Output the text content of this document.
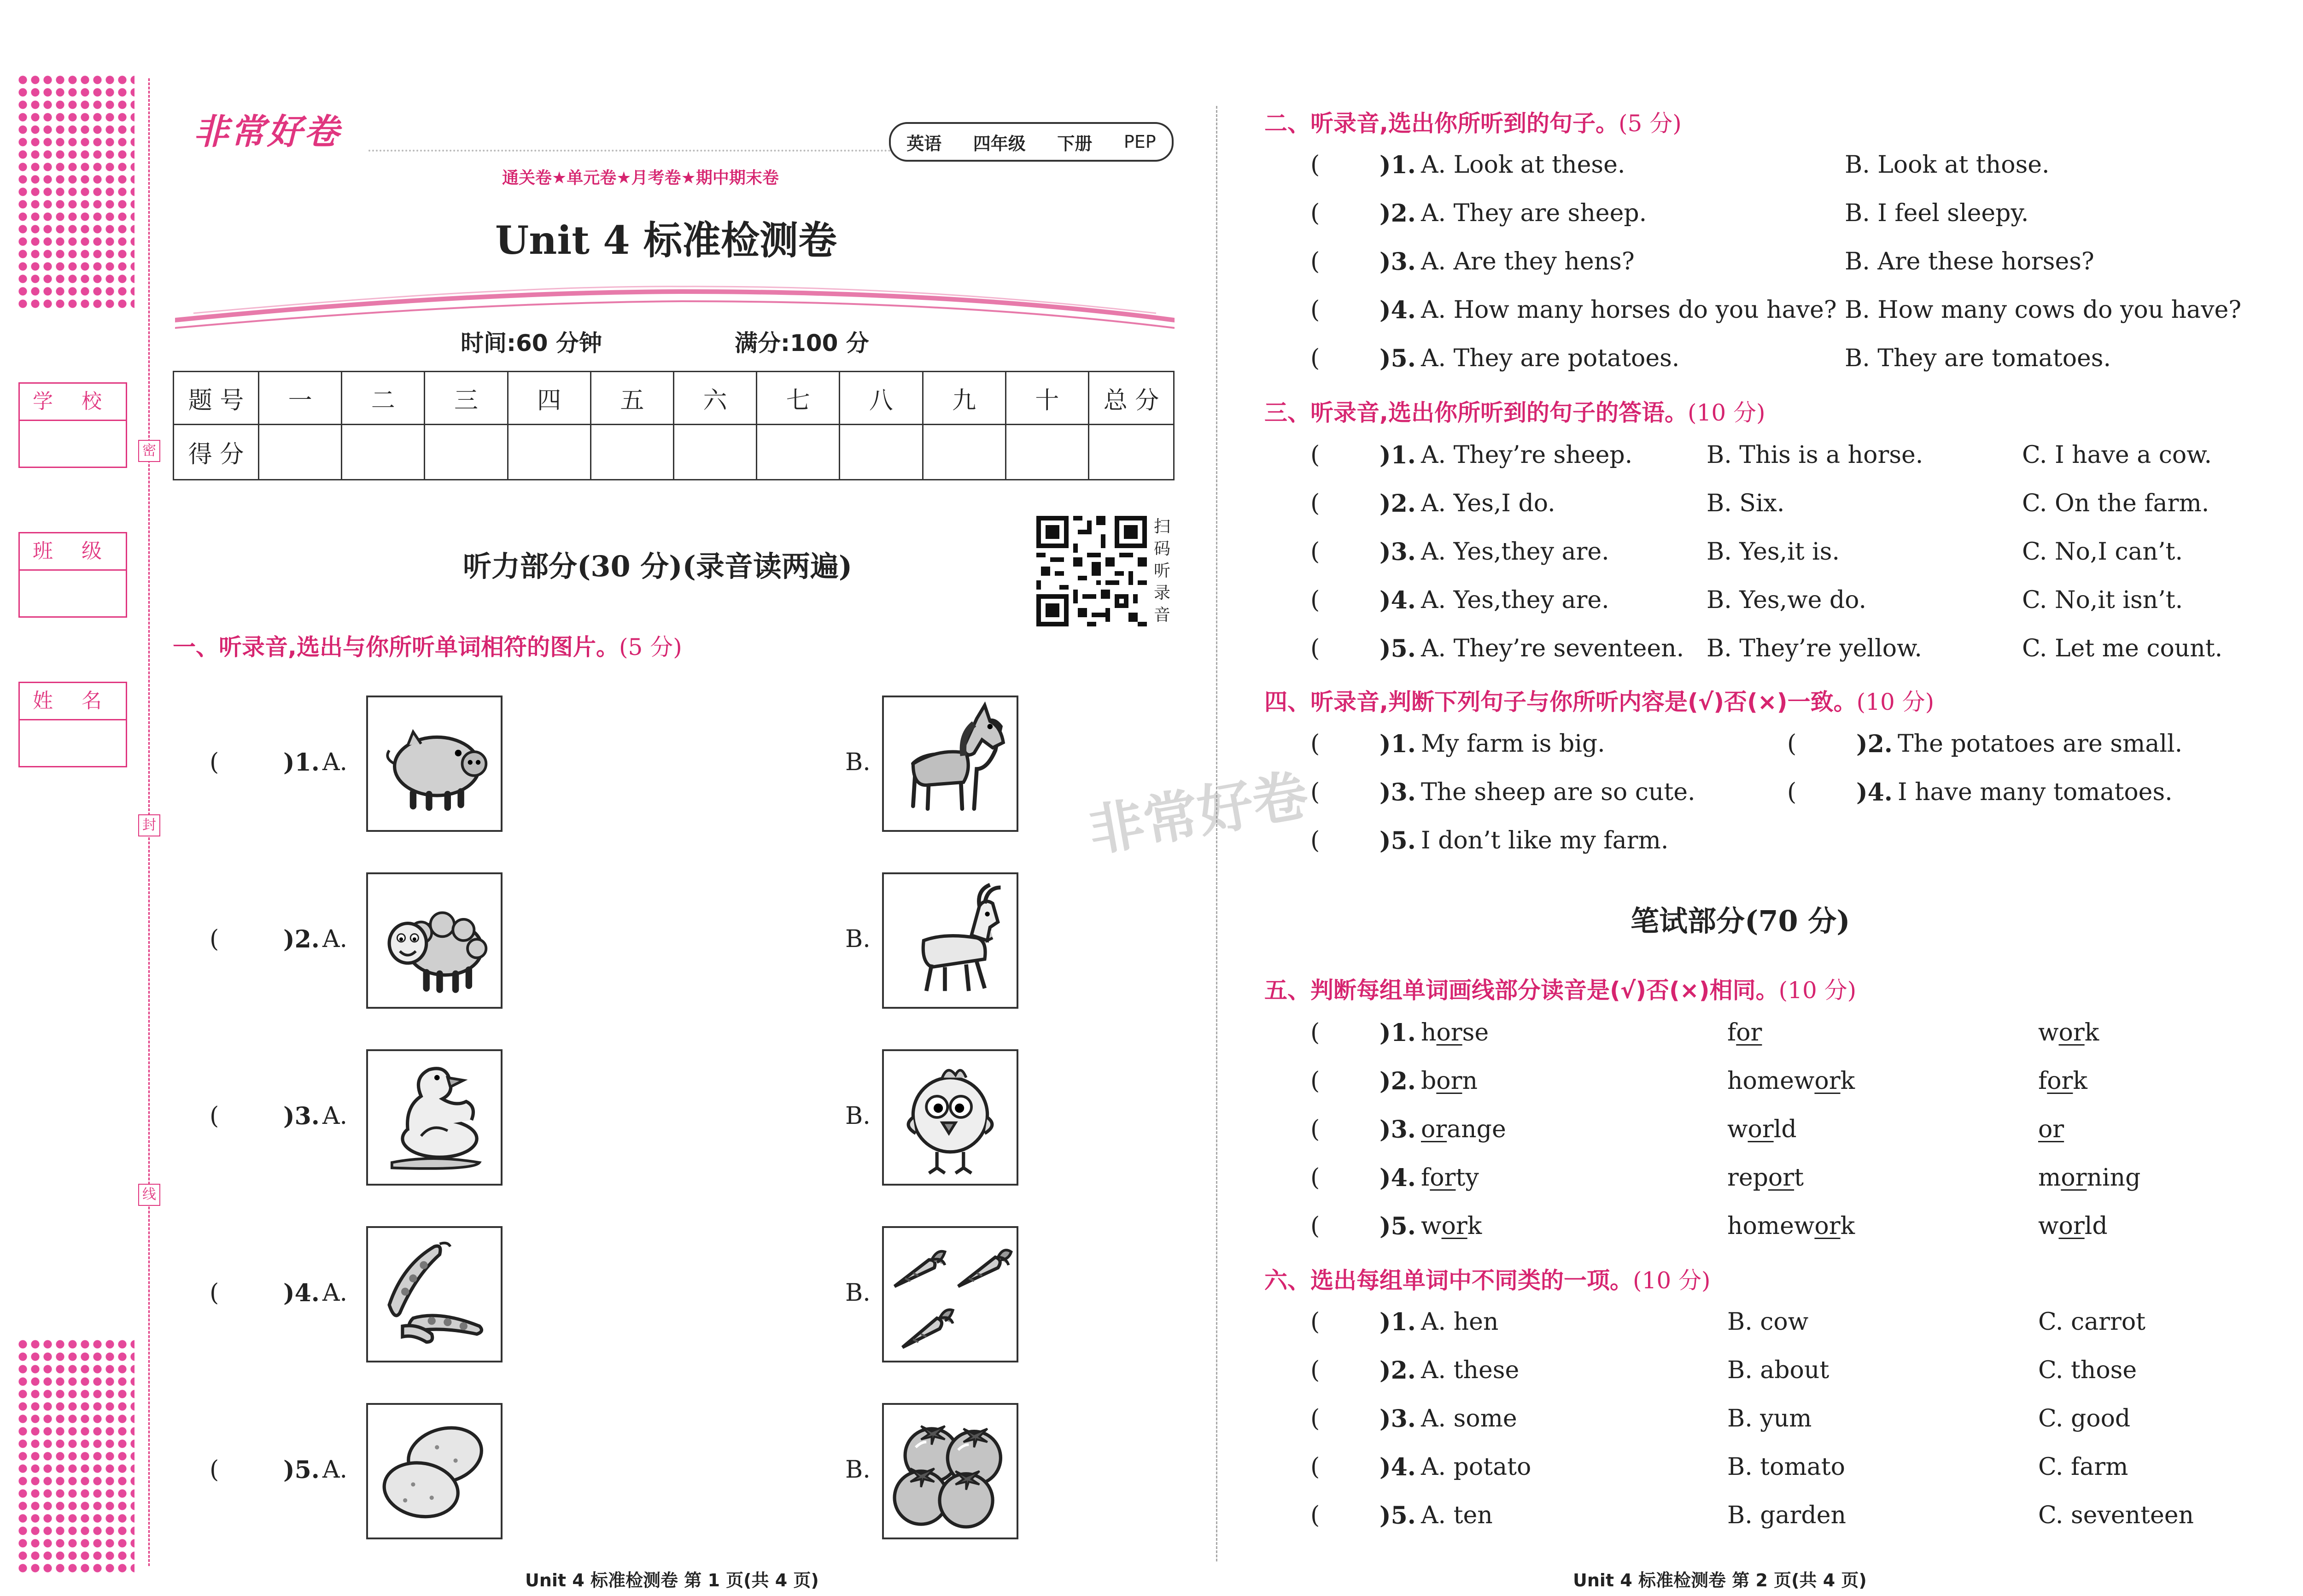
学 校
班 级
姓 名
密
封
线
非常好卷	英语 四年级 下册 PEP
通关卷★单元卷★月考卷★期中期末卷
Unit 4 标准检测卷
时间:60 分钟	满分:100 分
题 号	一	二	三	四	五	六	七	八	九	十	总 分
得 分											
扫码听录音
听力部分(30 分)(录音读两遍)
一、听录音,选出与你所听单词相符的图片。(5 分)
(	)1. A.	B.
(	)2. A.	B.
(	)3. A.	B.
(	)4. A.	B.
(	)5. A.	B.
Unit 4 标准检测卷 第 1 页(共 4 页)
非常好卷
二、听录音,选出你所听到的句子。(5 分)
(	)1. A. Look at these.	B. Look at those.
(	)2. A. They are sheep.	B. I feel sleepy.
(	)3. A. Are they hens?	B. Are these horses?
(	)4. A. How many horses do you have? B. How many cows do you have?
(	)5. A. They are potatoes.	B. They are tomatoes.
三、听录音,选出你所听到的句子的答语。(10 分)
(	)1. A. They’re sheep.	B. This is a horse.	C. I have a cow.
(	)2. A. Yes,I do.	B. Six.	C. On the farm.
(	)3. A. Yes,they are.	B. Yes,it is.	C. No,I can’t.
(	)4. A. Yes,they are.	B. Yes,we do.	C. No,it isn’t.
(	)5. A. They’re seventeen. B. They’re yellow.	C. Let me count.
四、听录音,判断下列句子与你所听内容是(√)否(×)一致。(10 分)
(	)1. My farm is big.	(	)2. The potatoes are small.
(	)3. The sheep are so cute.	(	)4. I have many tomatoes.
(	)5. I don’t like my farm.
笔试部分(70 分)
五、判断每组单词画线部分读音是(√)否(×)相同。(10 分)
(	)1. horse	for	work
(	)2. born	homework	fork
(	)3. orange	world	or
(	)4. forty	report	morning
(	)5. work	homework	world
六、选出每组单词中不同类的一项。(10 分)
(	)1. A. hen	B. cow	C. carrot
(	)2. A. these	B. about	C. those
(	)3. A. some	B. yum	C. good
(	)4. A. potato	B. tomato	C. farm
(	)5. A. ten	B. garden	C. seventeen
Unit 4 标准检测卷 第 2 页(共 4 页)
